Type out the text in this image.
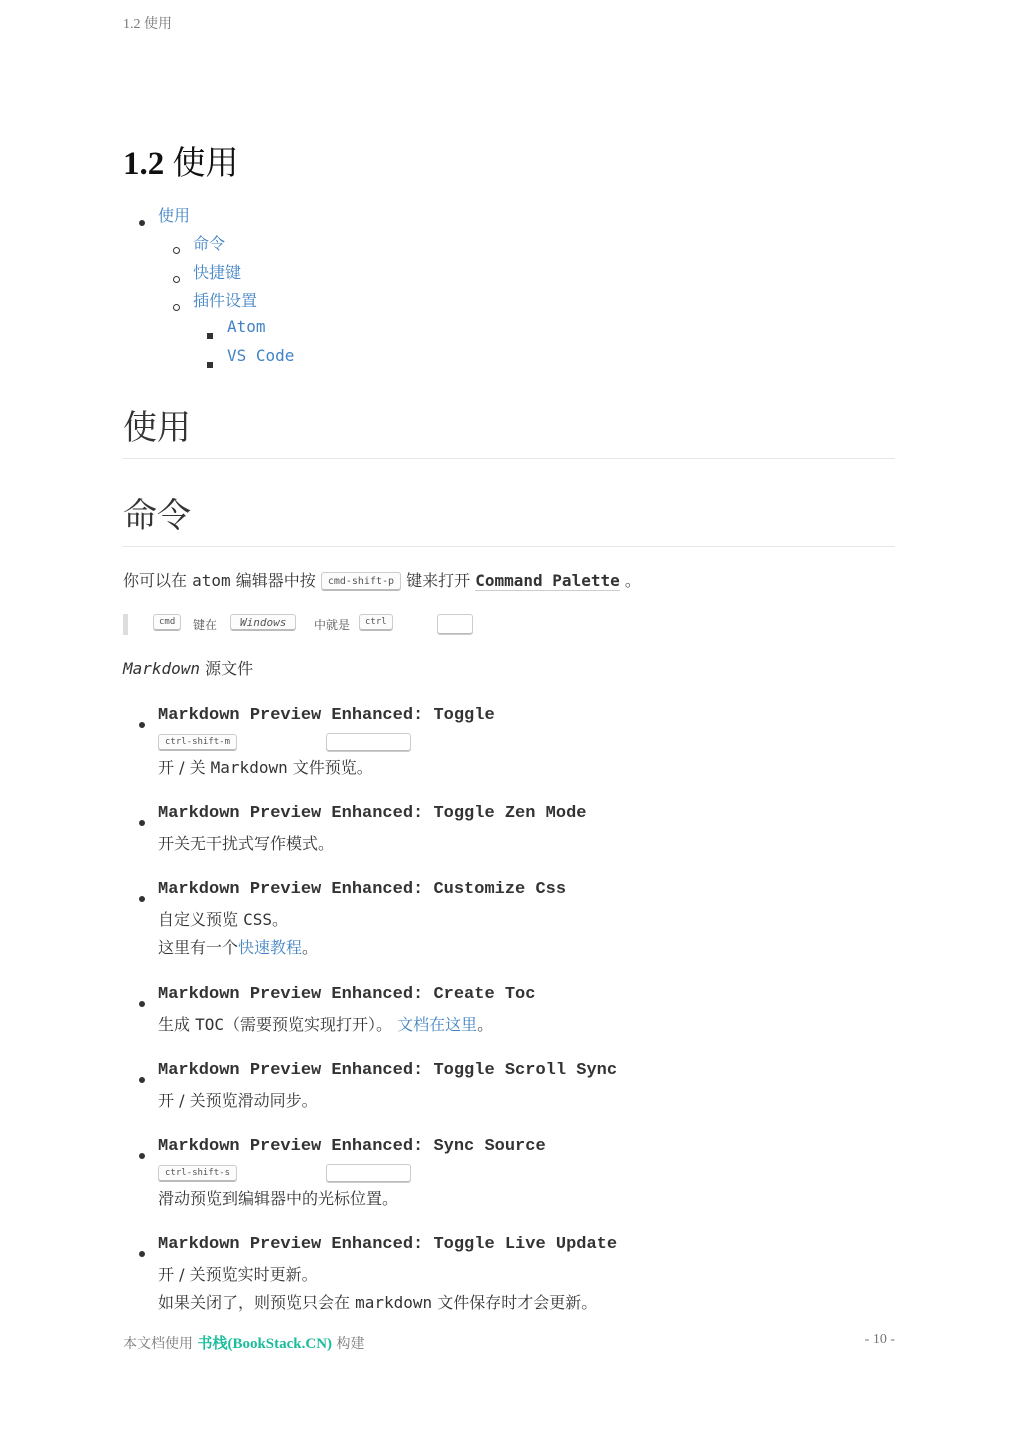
1.2 使用
1.2 使用
使用
命令
快捷键
插件设置
Atom
VS Code
使用
命令
你可以在 atom 编辑器中按 cmd-shift-p 键来打开 Command Palette 。
cmd	键在	Windows	中就是	ctrl
Markdown 源文件
Markdown Preview Enhanced: Toggle
ctrl-shift-m
开 / 关 Markdown 文件预览。
Markdown Preview Enhanced: Toggle Zen Mode
开关无干扰式写作模式。
Markdown Preview Enhanced: Customize Css
自定义预览 CSS。
这里有一个快速教程。
Markdown Preview Enhanced: Create Toc
生成 TOC（需要预览实现打开）。 文档在这里。
Markdown Preview Enhanced: Toggle Scroll Sync
开 / 关预览滑动同步。
Markdown Preview Enhanced: Sync Source
ctrl-shift-s
滑动预览到编辑器中的光标位置。
Markdown Preview Enhanced: Toggle Live Update
开 / 关预览实时更新。
如果关闭了，则预览只会在 markdown 文件保存时才会更新。
本文档使用 书栈(BookStack.CN) 构建	- 10 -
